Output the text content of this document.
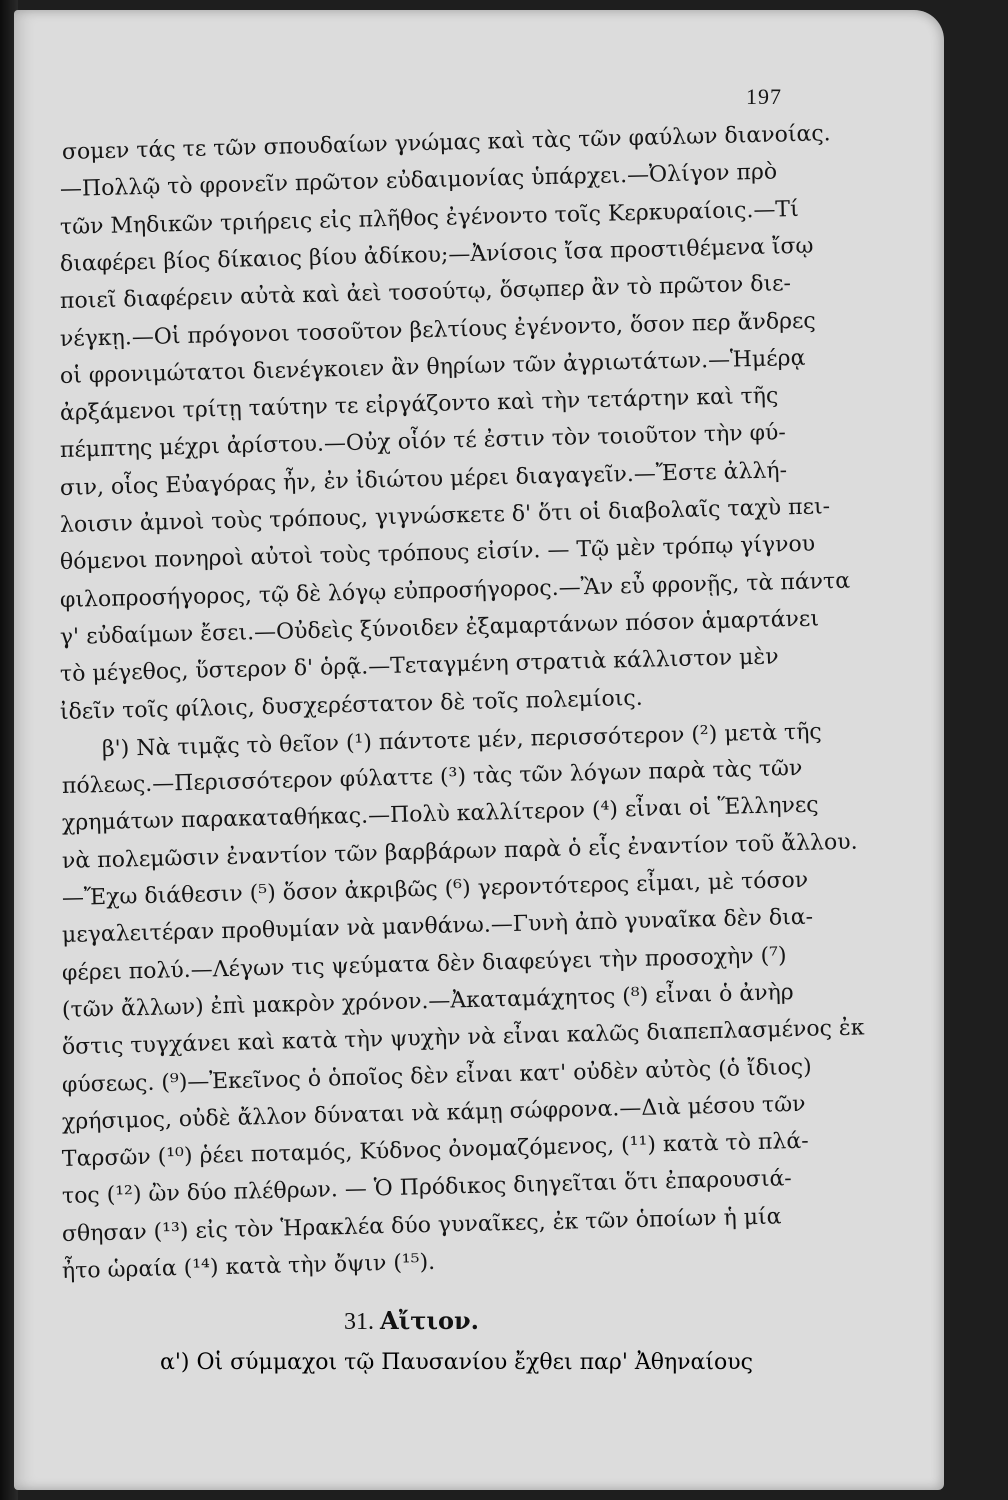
197
σομεν τάς τε τῶν σπουδαίων γνώμας καὶ τὰς τῶν φαύλων διανοίας.
—Πολλῷ τὸ φρονεῖν πρῶτον εὐδαιμονίας ὑπάρχει.—Ὀλίγον πρὸ
τῶν Μηδικῶν τριήρεις εἰς πλῆθος ἐγένοντο τοῖς Κερκυραίοις.—Τί
διαφέρει βίος δίκαιος βίου ἀδίκου;—Ἀνίσοις ἴσα προστιθέμενα ἴσῳ
ποιεῖ διαφέρειν αὐτὰ καὶ ἀεὶ τοσούτῳ, ὅσῳπερ ἂν τὸ πρῶτον διε-
νέγκῃ.—Οἱ πρόγονοι τοσοῦτον βελτίους ἐγένοντο, ὅσον περ ἄνδρες
οἱ φρονιμώτατοι διενέγκοιεν ἂν θηρίων τῶν ἀγριωτάτων.—Ἡμέρᾳ
ἀρξάμενοι τρίτῃ ταύτην τε εἰργάζοντο καὶ τὴν τετάρτην καὶ τῆς
πέμπτης μέχρι ἀρίστου.—Οὐχ οἷόν τέ ἐστιν τὸν τοιοῦτον τὴν φύ-
σιν, οἷος Εὐαγόρας ἦν, ἐν ἰδιώτου μέρει διαγαγεῖν.—Ἔστε ἀλλή-
λοισιν ἀμνοὶ τοὺς τρόπους, γιγνώσκετε δ' ὅτι οἱ διαβολαῖς ταχὺ πει-
θόμενοι πονηροὶ αὐτοὶ τοὺς τρόπους εἰσίν. — Τῷ μὲν τρόπῳ γίγνου
φιλοπροσήγορος, τῷ δὲ λόγῳ εὐπροσήγορος.—Ἂν εὖ φρονῇς, τὰ πάντα
γ' εὐδαίμων ἔσει.—Οὐδεὶς ξύνοιδεν ἐξαμαρτάνων πόσον ἁμαρτάνει
τὸ μέγεθος, ὕστερον δ' ὁρᾷ.—Τεταγμένη στρατιὰ κάλλιστον μὲν
ἰδεῖν τοῖς φίλοις, δυσχερέστατον δὲ τοῖς πολεμίοις.
β') Νὰ τιμᾷς τὸ θεῖον (¹) πάντοτε μέν, περισσότερον (²) μετὰ τῆς
πόλεως.—Περισσότερον φύλαττε (³) τὰς τῶν λόγων παρὰ τὰς τῶν
χρημάτων παρακαταθήκας.—Πολὺ καλλίτερον (⁴) εἶναι οἱ Ἕλληνες
νὰ πολεμῶσιν ἐναντίον τῶν βαρβάρων παρὰ ὁ εἷς ἐναντίον τοῦ ἄλλου.
—Ἔχω διάθεσιν (⁵) ὅσον ἀκριβῶς (⁶) γεροντότερος εἶμαι, μὲ τόσον
μεγαλειτέραν προθυμίαν νὰ μανθάνω.—Γυνὴ ἀπὸ γυναῖκα δὲν δια-
φέρει πολύ.—Λέγων τις ψεύματα δὲν διαφεύγει τὴν προσοχὴν (⁷)
(τῶν ἄλλων) ἐπὶ μακρὸν χρόνον.—Ἀκαταμάχητος (⁸) εἶναι ὁ ἀνὴρ
ὅστις τυγχάνει καὶ κατὰ τὴν ψυχὴν νὰ εἶναι καλῶς διαπεπλασμένος ἐκ
φύσεως. (⁹)—Ἐκεῖνος ὁ ὁποῖος δὲν εἶναι κατ' οὐδὲν αὐτὸς (ὁ ἴδιος)
χρήσιμος, οὐδὲ ἄλλον δύναται νὰ κάμῃ σώφρονα.—Διὰ μέσου τῶν
Ταρσῶν (¹⁰) ῥέει ποταμός, Κύδνος ὀνομαζόμενος, (¹¹) κατὰ τὸ πλά-
τος (¹²) ὢν δύο πλέθρων. — Ὁ Πρόδικος διηγεῖται ὅτι ἐπαρουσιά-
σθησαν (¹³) εἰς τὸν Ἡρακλέα δύο γυναῖκες, ἐκ τῶν ὁποίων ἡ μία
ἦτο ὡραία (¹⁴) κατὰ τὴν ὄψιν (¹⁵).
31. Αἴτιον.
α') Οἱ σύμμαχοι τῷ Παυσανίου ἔχθει παρ' Ἀθηναίους
